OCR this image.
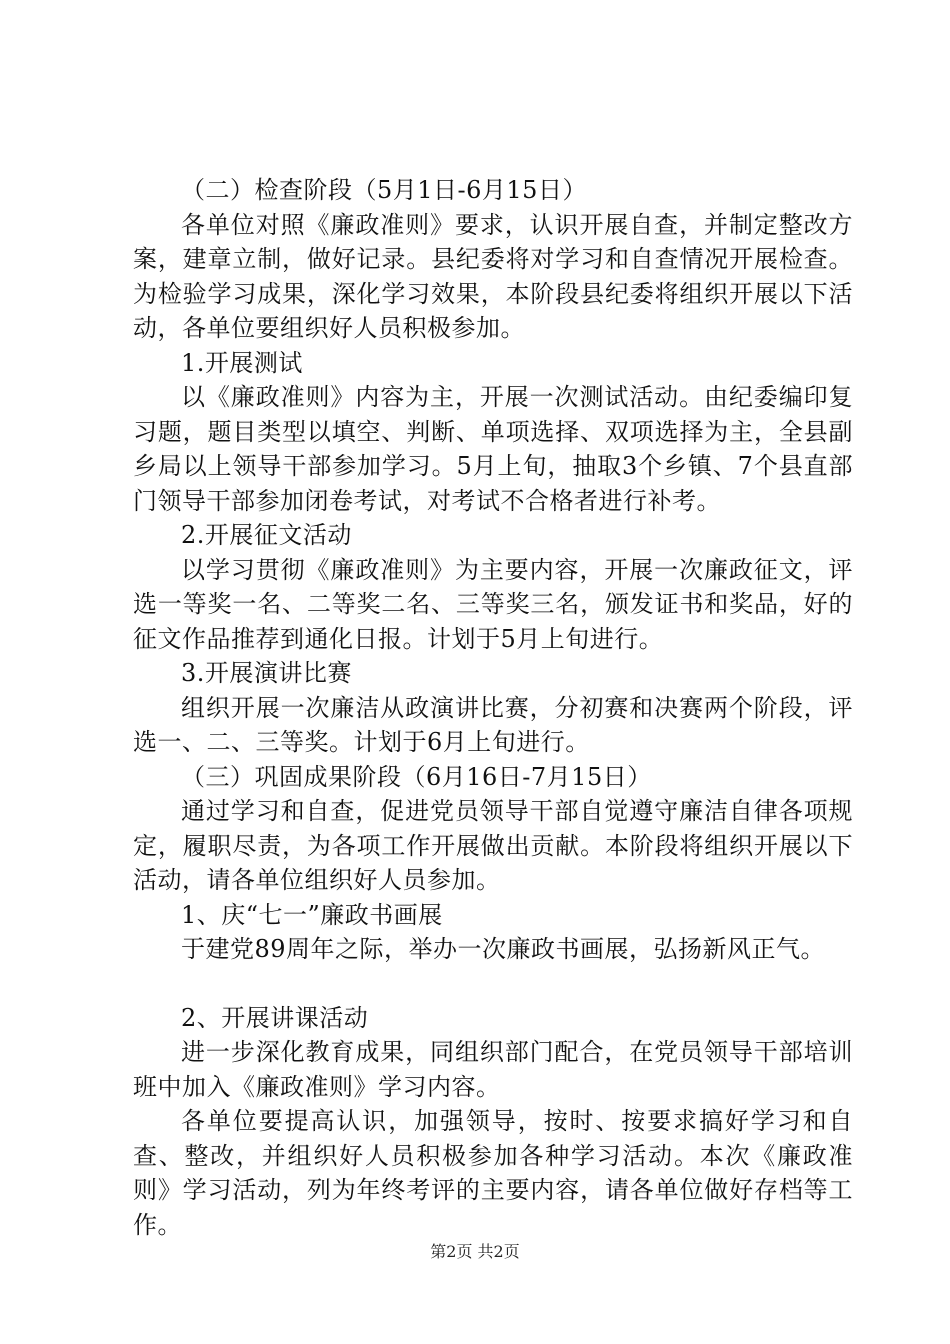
（二）检查阶段（5月1日-6月15日）

各单位对照《廉政准则》要求，认识开展自查，并制定整改方案，建章立制，做好记录。县纪委将对学习和自查情况开展检查。为检验学习成果，深化学习效果，本阶段县纪委将组织开展以下活动，各单位要组织好人员积极参加。

1.开展测试

以《廉政准则》内容为主，开展一次测试活动。由纪委编印复习题，题目类型以填空、判断、单项选择、双项选择为主，全县副乡局以上领导干部参加学习。5月上旬，抽取3个乡镇、7个县直部门领导干部参加闭卷考试，对考试不合格者进行补考。

2.开展征文活动

以学习贯彻《廉政准则》为主要内容，开展一次廉政征文，评选一等奖一名、二等奖二名、三等奖三名，颁发证书和奖品，好的征文作品推荐到通化日报。计划于5月上旬进行。

3.开展演讲比赛

组织开展一次廉洁从政演讲比赛，分初赛和决赛两个阶段，评选一、二、三等奖。计划于6月上旬进行。

（三）巩固成果阶段（6月16日-7月15日）

通过学习和自查，促进党员领导干部自觉遵守廉洁自律各项规定，履职尽责，为各项工作开展做出贡献。本阶段将组织开展以下活动，请各单位组织好人员参加。

1、庆“七一”廉政书画展

于建党89周年之际，举办一次廉政书画展，弘扬新风正气。

2、开展讲课活动

进一步深化教育成果，同组织部门配合，在党员领导干部培训班中加入《廉政准则》学习内容。

各单位要提高认识，加强领导，按时、按要求搞好学习和自查、整改，并组织好人员积极参加各种学习活动。本次《廉政准则》学习活动，列为年终考评的主要内容，请各单位做好存档等工作。

第2页 共2页
